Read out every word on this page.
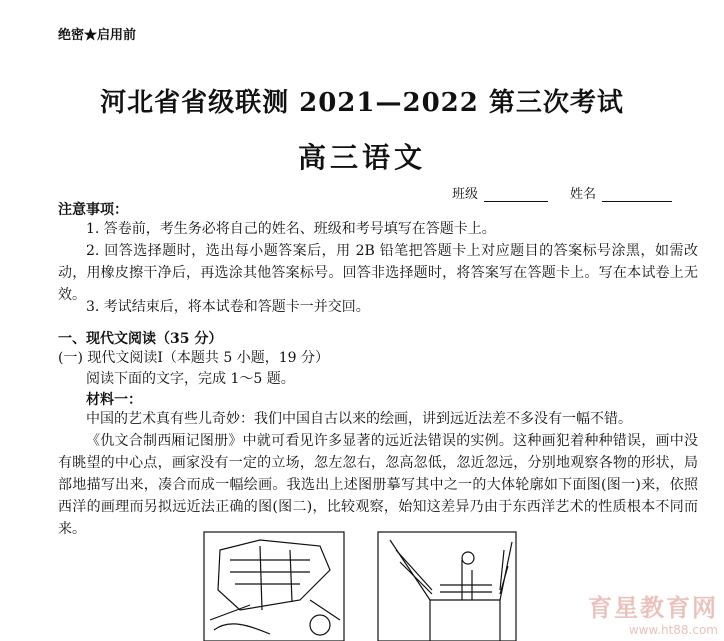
绝密★启用前
河北省省级联测 2021—2022 第三次考试
高三语文
班级	姓名
注意事项：
1. 答卷前，考生务必将自己的姓名、班级和考号填写在答题卡上。
2. 回答选择题时，选出每小题答案后，用 2B 铅笔把答题卡上对应题目的答案标号涂黑，如需改动，用橡皮擦干净后，再选涂其他答案标号。回答非选择题时，将答案写在答题卡上。写在本试卷上无效。
3. 考试结束后，将本试卷和答题卡一并交回。
一、现代文阅读（35 分）
(一) 现代文阅读Ⅰ（本题共 5 小题，19 分）
阅读下面的文字，完成 1～5 题。
材料一：
中国的艺术真有些儿奇妙：我们中国自古以来的绘画，讲到远近法差不多没有一幅不错。
《仇文合制西厢记图册》中就可看见许多显著的远近法错误的实例。这种画犯着种种错误，画中没有眺望的中心点，画家没有一定的立场，忽左忽右，忽高忽低，忽近忽远，分别地观察各物的形状，局部地描写出来，凑合而成一幅绘画。我选出上述图册摹写其中之一的大体轮廓如下面图(图一)来，依照西洋的画理而另拟远近法正确的图(图二)，比较观察，始知这差异乃由于东西洋艺术的性质根本不同而来。
育星教育网
www.ht88.com
